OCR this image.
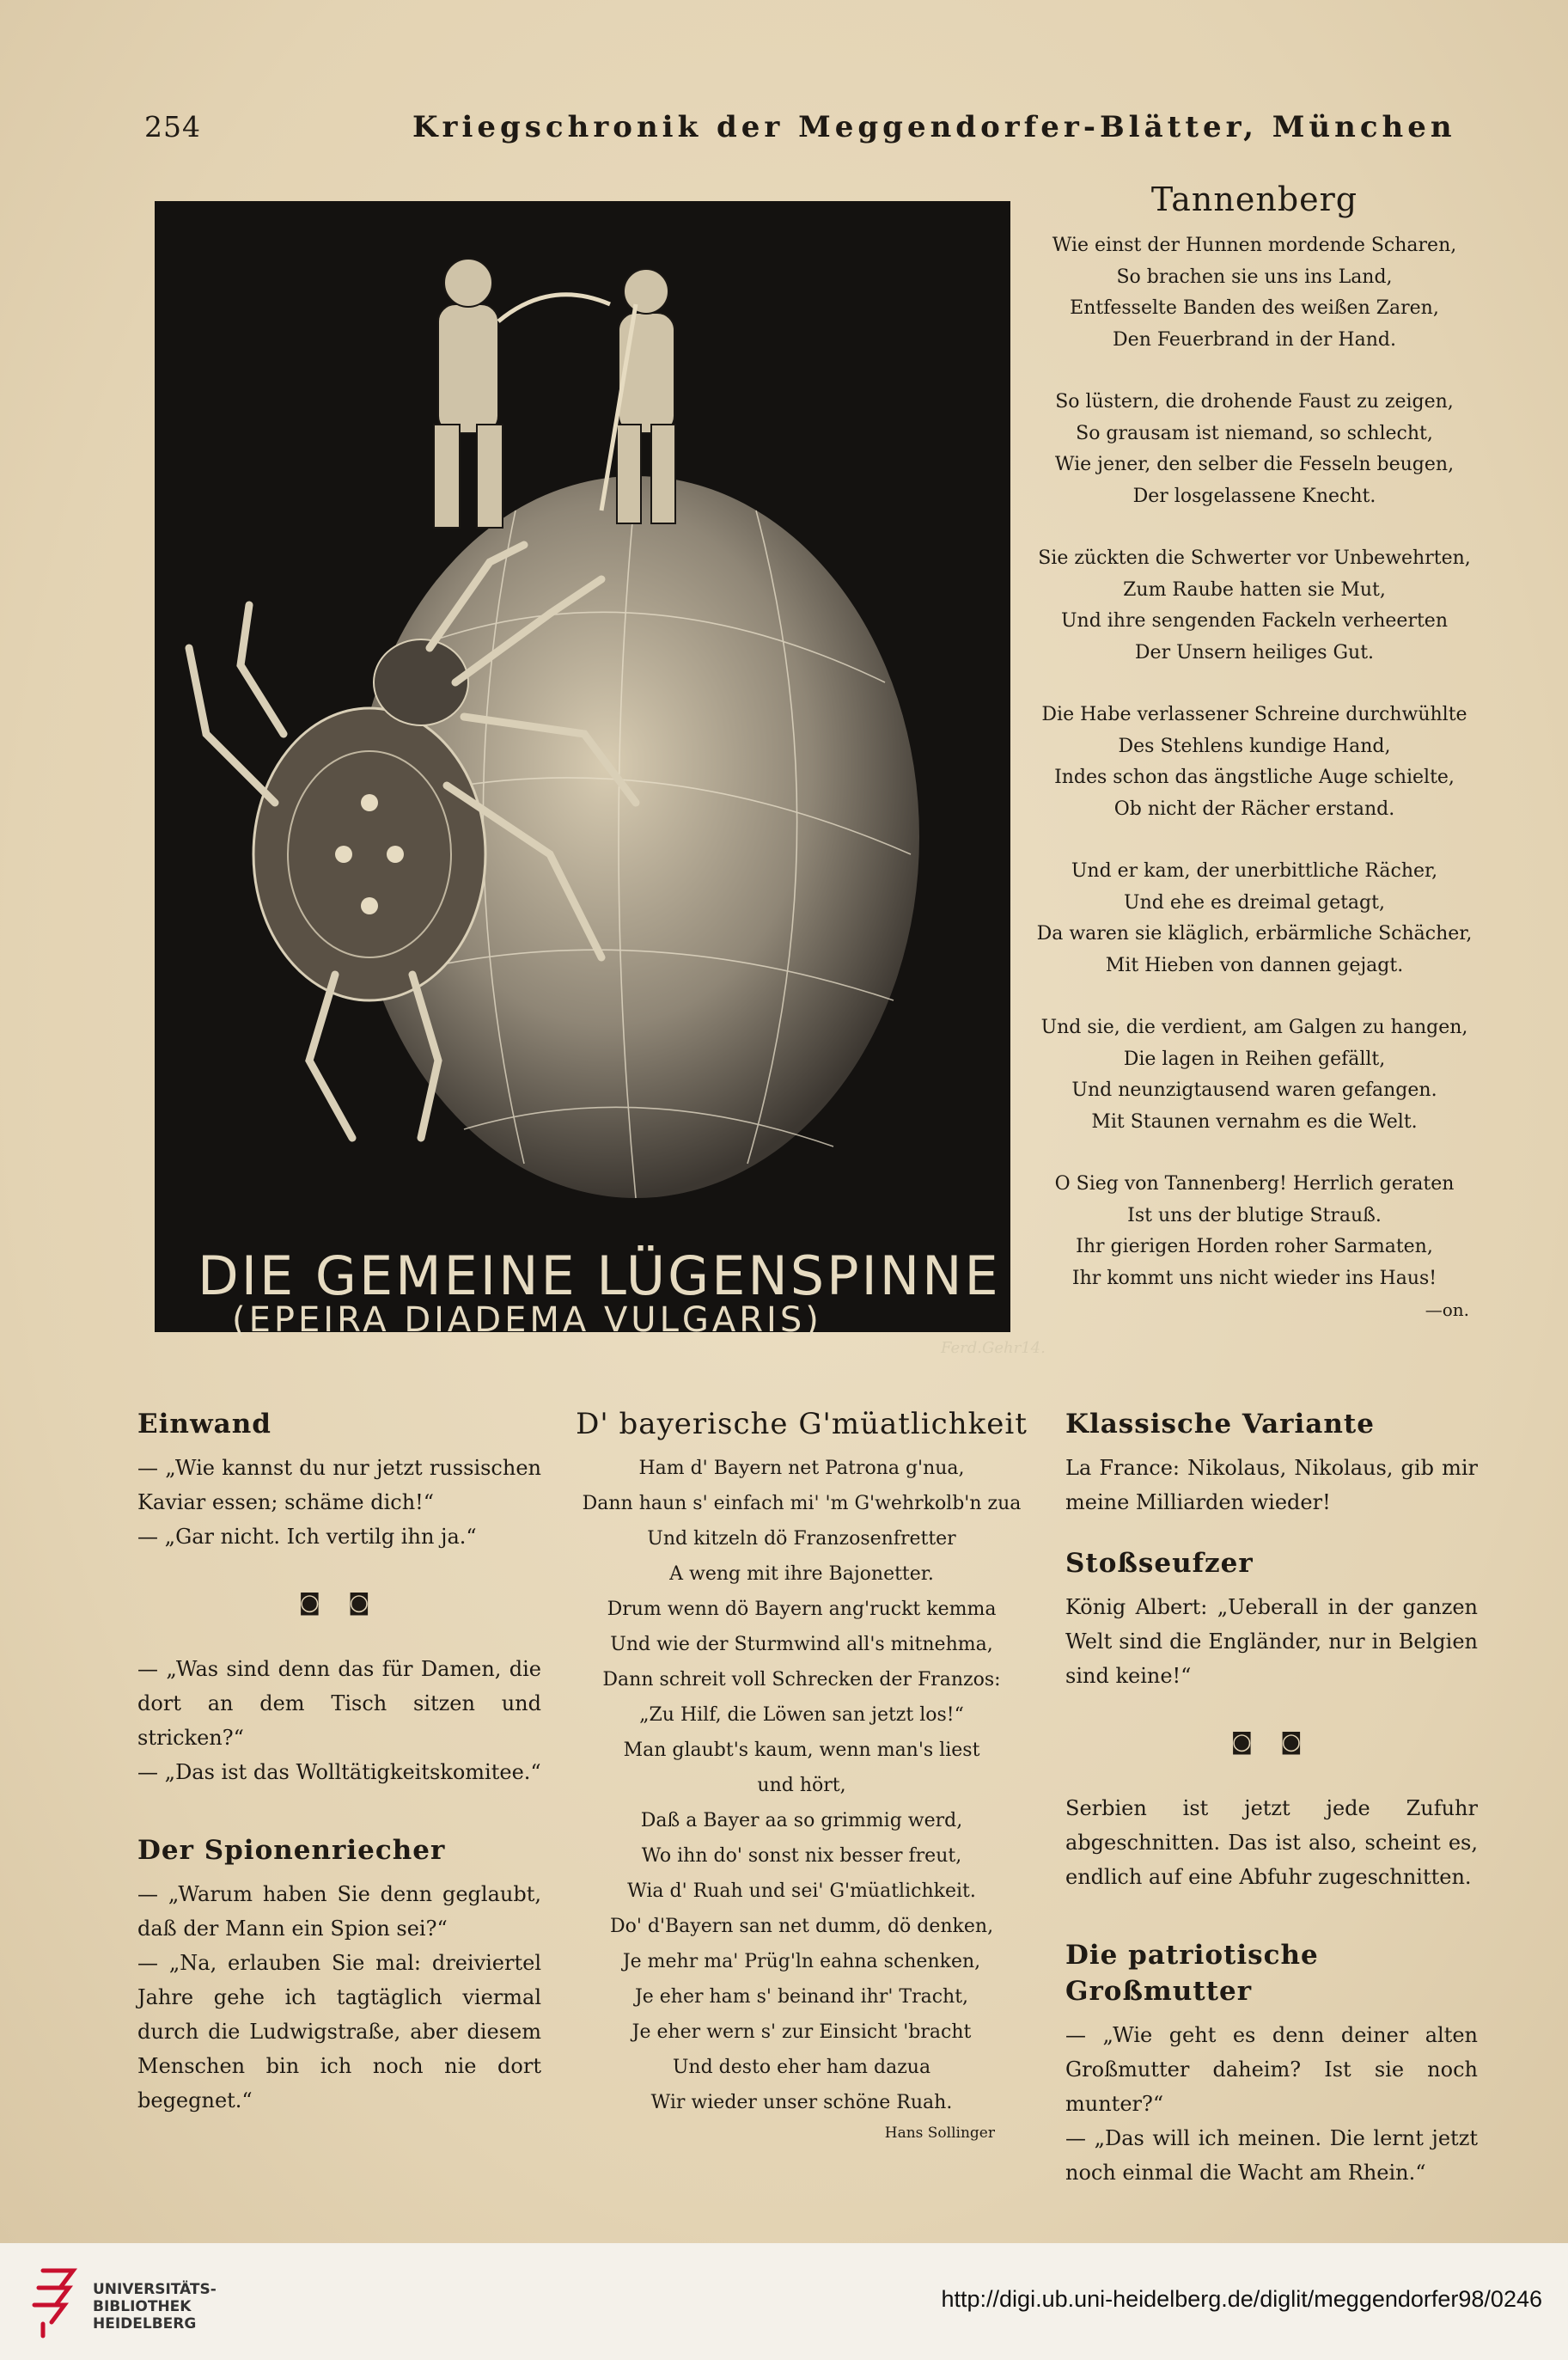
254	Kriegschronik der Meggendorfer-Blätter, München
Ferd.Gehr14.
DIE GEMEINE LÜGENSPINNE
(EPEIRA DIADEMA VULGARIS)
Tannenberg
Wie einst der Hunnen mordende Scharen,
So brachen sie uns ins Land,
Entfesselte Banden des weißen Zaren,
Den Feuerbrand in der Hand.
So lüstern, die drohende Faust zu zeigen,
So grausam ist niemand, so schlecht,
Wie jener, den selber die Fesseln beugen,
Der losgelassene Knecht.
Sie zückten die Schwerter vor Unbewehrten,
Zum Raube hatten sie Mut,
Und ihre sengenden Fackeln verheerten
Der Unsern heiliges Gut.
Die Habe verlassener Schreine durchwühlte
Des Stehlens kundige Hand,
Indes schon das ängstliche Auge schielte,
Ob nicht der Rächer erstand.
Und er kam, der unerbittliche Rächer,
Und ehe es dreimal getagt,
Da waren sie kläglich, erbärmliche Schächer,
Mit Hieben von dannen gejagt.
Und sie, die verdient, am Galgen zu hangen,
Die lagen in Reihen gefällt,
Und neunzigtausend waren gefangen.
Mit Staunen vernahm es die Welt.
O Sieg von Tannenberg! Herrlich geraten
Ist uns der blutige Strauß.
Ihr gierigen Horden roher Sarmaten,
Ihr kommt uns nicht wieder ins Haus!
—on.
Einwand

— „Wie kannst du nur jetzt russischen Kaviar essen; schäme dich!“

— „Gar nicht. Ich vertilg ihn ja.“

◙ ◙

— „Was sind denn das für Damen, die dort an dem Tisch sitzen und stricken?“

— „Das ist das Wolltätigkeitskomitee.“

Der Spionenriecher

— „Warum haben Sie denn geglaubt, daß der Mann ein Spion sei?“

— „Na, erlauben Sie mal: dreiviertel Jahre gehe ich tagtäglich viermal durch die Ludwigstraße, aber diesem Menschen bin ich noch nie dort begegnet.“

D' bayerische G'müatlichkeit
Ham d' Bayern net Patrona g'nua,
Dann haun s' einfach mi' 'm G'wehrkolb'n zua
Und kitzeln dö Franzosenfretter
A weng mit ihre Bajonetter.
Drum wenn dö Bayern ang'ruckt kemma
Und wie der Sturmwind all's mitnehma,
Dann schreit voll Schrecken der Franzos:
„Zu Hilf, die Löwen san jetzt los!“
Man glaubt's kaum, wenn man's liest
und hört,
Daß a Bayer aa so grimmig werd,
Wo ihn do' sonst nix besser freut,
Wia d' Ruah und sei' G'müatlichkeit.
Do' d'Bayern san net dumm, dö denken,
Je mehr ma' Prüg'ln eahna schenken,
Je eher ham s' beinand ihr' Tracht,
Je eher wern s' zur Einsicht 'bracht
Und desto eher ham dazua
Wir wieder unser schöne Ruah.
Hans Sollinger
Klassische Variante

La France: Nikolaus, Nikolaus, gib mir meine Milliarden wieder!

Stoßseufzer

König Albert: „Ueberall in der ganzen Welt sind die Engländer, nur in Belgien sind keine!“

◙ ◙

Serbien ist jetzt jede Zufuhr abgeschnitten. Das ist also, scheint es, endlich auf eine Abfuhr zugeschnitten.

Die patriotische Großmutter

— „Wie geht es denn deiner alten Großmutter daheim? Ist sie noch munter?“

— „Das will ich meinen. Die lernt jetzt noch einmal die Wacht am Rhein.“

UNIVERSITÄTS-
BIBLIOTHEK
HEIDELBERG
http://digi.ub.uni-heidelberg.de/diglit/meggendorfer98/0246
